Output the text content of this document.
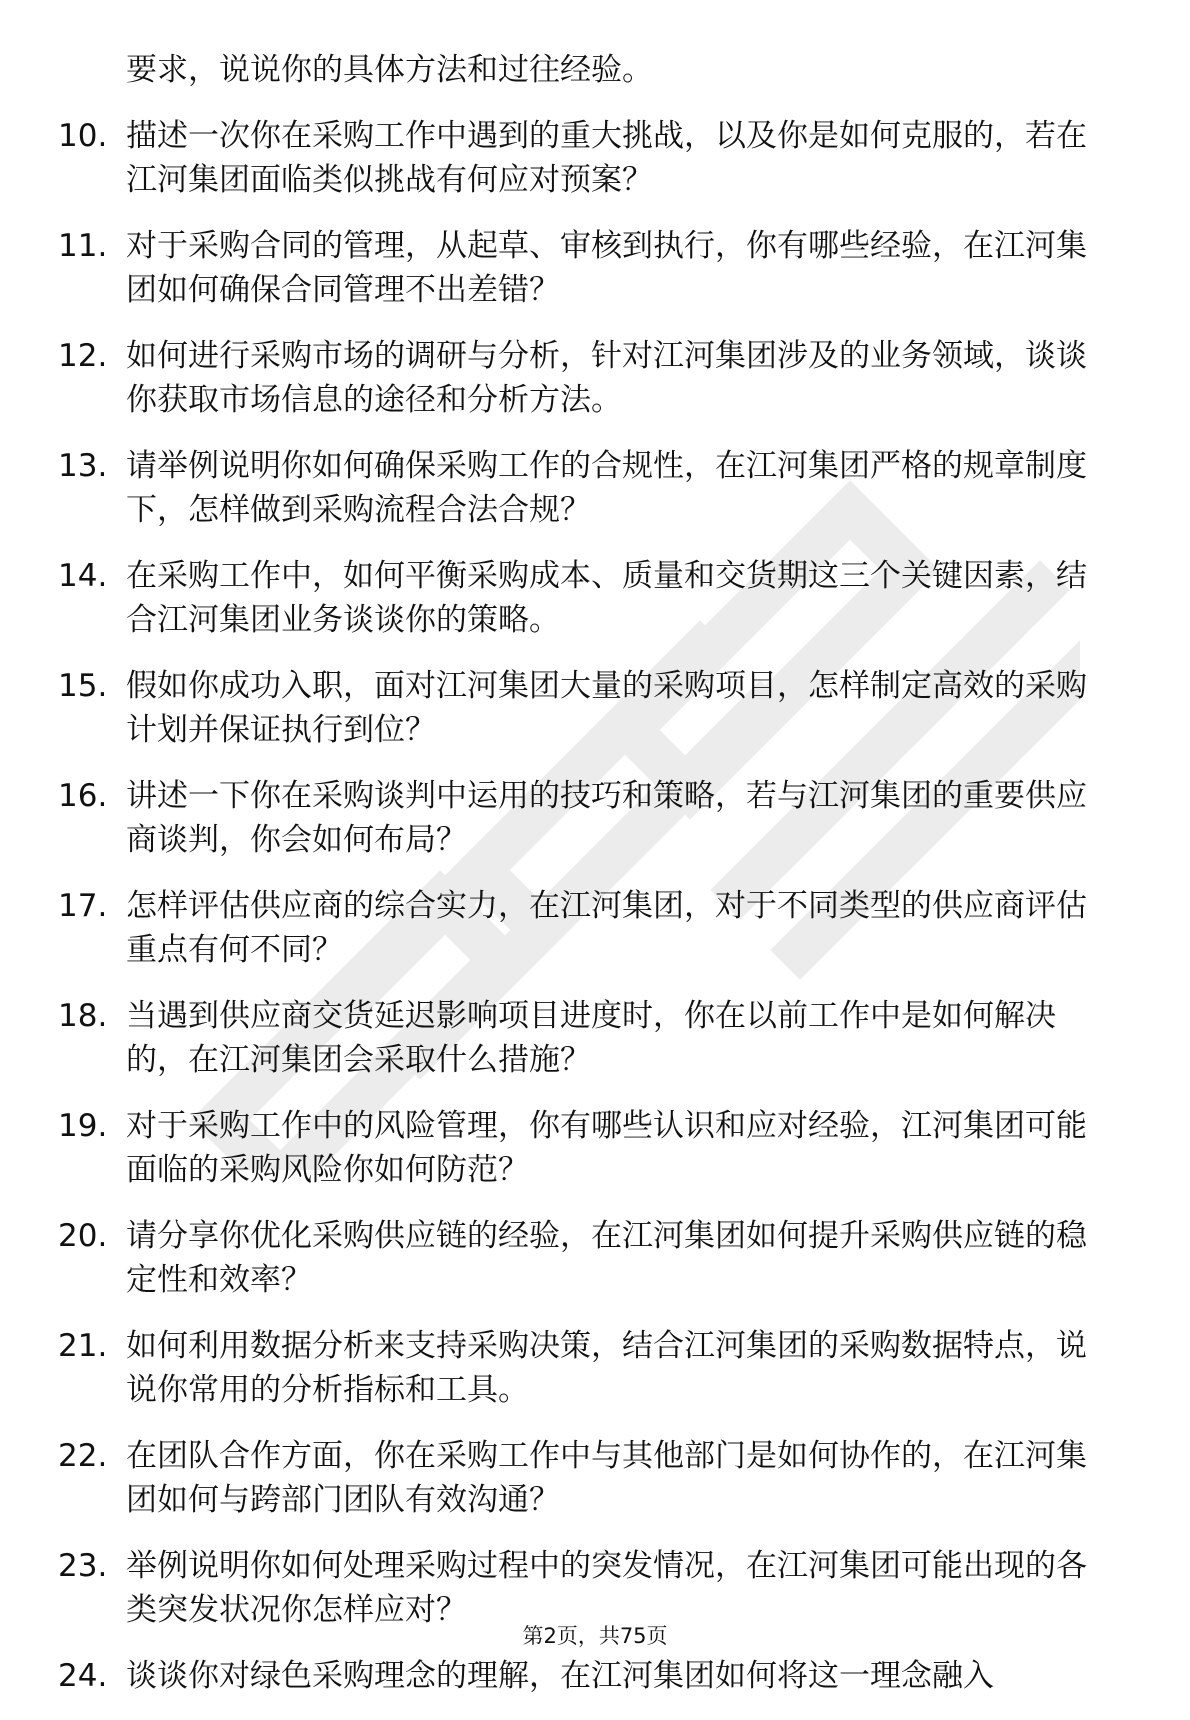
要求，说说你的具体方法和过往经验。
10. 描述一次你在采购工作中遇到的重大挑战，以及你是如何克服的，若在江河集团面临类似挑战有何应对预案？
11. 对于采购合同的管理，从起草、审核到执行，你有哪些经验，在江河集团如何确保合同管理不出差错？
12. 如何进行采购市场的调研与分析，针对江河集团涉及的业务领域，谈谈你获取市场信息的途径和分析方法。
13. 请举例说明你如何确保采购工作的合规性，在江河集团严格的规章制度下，怎样做到采购流程合法合规？
14. 在采购工作中，如何平衡采购成本、质量和交货期这三个关键因素，结合江河集团业务谈谈你的策略。
15. 假如你成功入职，面对江河集团大量的采购项目，怎样制定高效的采购计划并保证执行到位？
16. 讲述一下你在采购谈判中运用的技巧和策略，若与江河集团的重要供应商谈判，你会如何布局？
17. 怎样评估供应商的综合实力，在江河集团，对于不同类型的供应商评估重点有何不同？
18. 当遇到供应商交货延迟影响项目进度时，你在以前工作中是如何解决的，在江河集团会采取什么措施？
19. 对于采购工作中的风险管理，你有哪些认识和应对经验，江河集团可能面临的采购风险你如何防范？
20. 请分享你优化采购供应链的经验，在江河集团如何提升采购供应链的稳定性和效率？
21. 如何利用数据分析来支持采购决策，结合江河集团的采购数据特点，说说你常用的分析指标和工具。
22. 在团队合作方面，你在采购工作中与其他部门是如何协作的，在江河集团如何与跨部门团队有效沟通？
23. 举例说明你如何处理采购过程中的突发情况，在江河集团可能出现的各类突发状况你怎样应对？
24. 谈谈你对绿色采购理念的理解，在江河集团如何将这一理念融入
第2页，共75页
